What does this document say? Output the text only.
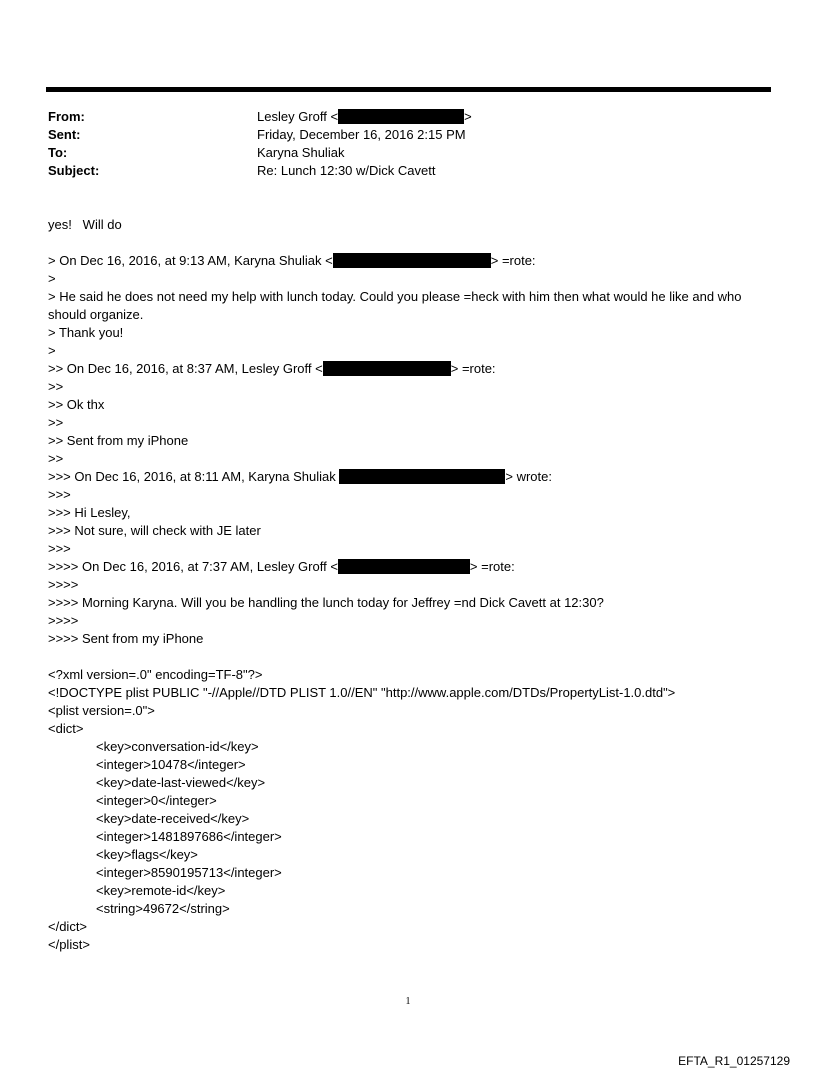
From:	Lesley Groff <	>
Sent:	Friday, December 16, 2016 2:15 PM
To:	Karyna Shuliak
Subject:	Re: Lunch 12:30 w/Dick Cavett
yes!   Will do
> On Dec 16, 2016, at 9:13 AM, Karyna Shuliak <	> =rote:
>
> He said he does not need my help with lunch today. Could you please =heck with him then what would he like and who should organize.
> Thank you!
>
>> On Dec 16, 2016, at 8:37 AM, Lesley Groff <	> =rote:
>>
>> Ok thx
>>
>> Sent from my iPhone
>>
>>> On Dec 16, 2016, at 8:11 AM, Karyna Shuliak	> wrote:
>>>
>>> Hi Lesley,
>>> Not sure, will check with JE later
>>>
>>>> On Dec 16, 2016, at 7:37 AM, Lesley Groff <	> =rote:
>>>>
>>>> Morning Karyna. Will you be handling the lunch today for Jeffrey =nd Dick Cavett at 12:30?
>>>>
>>>> Sent from my iPhone
<?xml version=.0" encoding=TF-8"?>
<!DOCTYPE plist PUBLIC "-//Apple//DTD PLIST 1.0//EN" "http://www.apple.com/DTDs/PropertyList-1.0.dtd">
<plist version=.0">
<dict>
<key>conversation-id</key>
<integer>10478</integer>
<key>date-last-viewed</key>
<integer>0</integer>
<key>date-received</key>
<integer>1481897686</integer>
<key>flags</key>
<integer>8590195713</integer>
<key>remote-id</key>
<string>49672</string>
</dict>
</plist>
1
EFTA_R1_01257129
